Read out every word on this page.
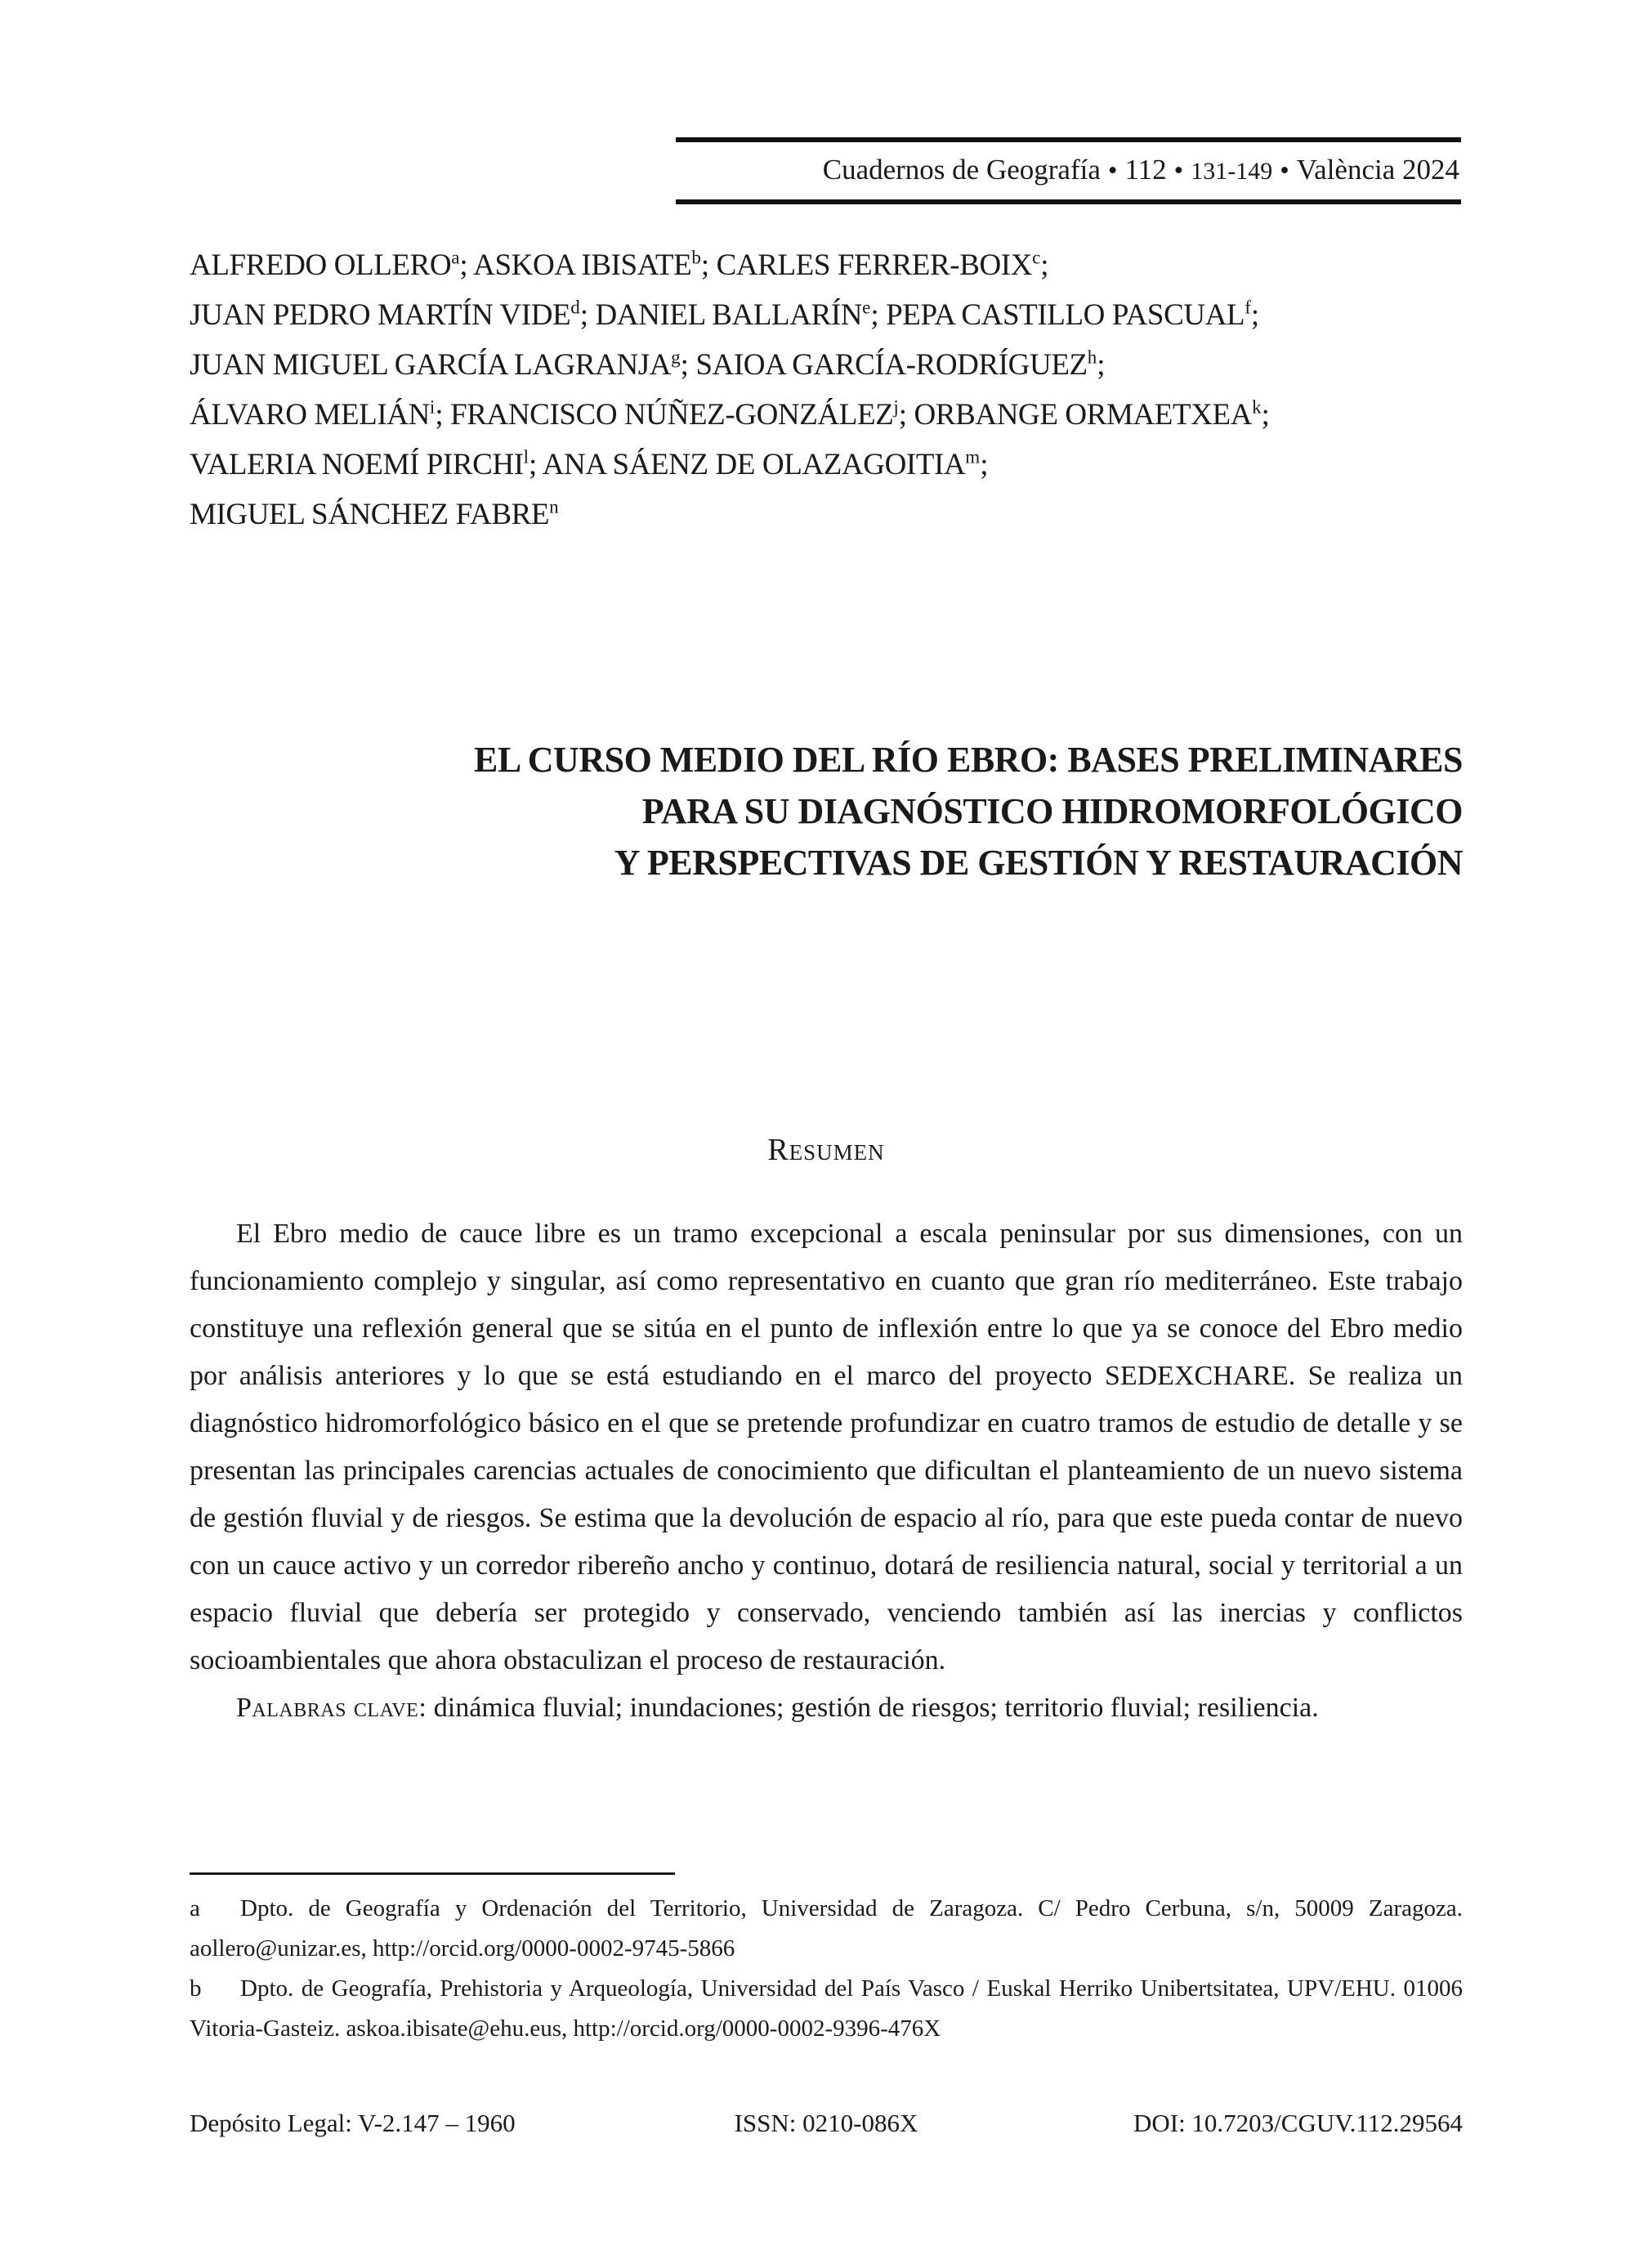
Cuadernos de Geografía • 112 • 131-149 • València 2024
ALFREDO OLLERO$^a$; ASKOA IBISATE$^b$; CARLES FERRER-BOIX$^c$;
JUAN PEDRO MARTÍN VIDE$^d$; DANIEL BALLARÍN$^e$; PEPA CASTILLO PASCUAL$^f$;
JUAN MIGUEL GARCÍA LAGRANJA$^g$; SAIOA GARCÍA-RODRÍGUEZ$^h$;
ÁLVARO MELIÁN$^i$; FRANCISCO NÚÑEZ-GONZÁLEZ$^j$; ORBANGE ORMAETXEA$^k$;
VALERIA NOEMÍ PIRCHI$^l$; ANA SÁENZ DE OLAZAGOITIA$^m$;
MIGUEL SÁNCHEZ FABRE$^n$
EL CURSO MEDIO DEL RÍO EBRO: BASES PRELIMINARES
PARA SU DIAGNÓSTICO HIDROMORFOLÓGICO
Y PERSPECTIVAS DE GESTIÓN Y RESTAURACIÓN
Resumen

El Ebro medio de cauce libre es un tramo excepcional a escala peninsular por sus dimensiones, con un funcionamiento complejo y singular, así como representativo en cuanto que gran río mediterráneo. Este trabajo constituye una reflexión general que se sitúa en el punto de inflexión entre lo que ya se conoce del Ebro medio por análisis anteriores y lo que se está estudiando en el marco del proyecto SEDEXCHARE. Se realiza un diagnóstico hidromorfológico básico en el que se pretende profundizar en cuatro tramos de estudio de detalle y se presentan las principales carencias actuales de conocimiento que dificultan el planteamiento de un nuevo sistema de gestión fluvial y de riesgos. Se estima que la devolución de espacio al río, para que este pueda contar de nuevo con un cauce activo y un corredor ribereño ancho y continuo, dotará de resiliencia natural, social y territorial a un espacio fluvial que debería ser protegido y conservado, venciendo también así las inercias y conflictos socioambientales que ahora obstaculizan el proceso de restauración.

Palabras clave: dinámica fluvial; inundaciones; gestión de riesgos; territorio fluvial; resiliencia.

a Dpto. de Geografía y Ordenación del Territorio, Universidad de Zaragoza. C/ Pedro Cerbuna, s/n, 50009 Zaragoza. aollero@unizar.es, http://orcid.org/0000-0002-9745-5866

b Dpto. de Geografía, Prehistoria y Arqueología, Universidad del País Vasco / Euskal Herriko Unibertsitatea, UPV/EHU. 01006 Vitoria-Gasteiz. askoa.ibisate@ehu.eus, http://orcid.org/0000-0002-9396-476X

Depósito Legal: V-2.147 – 1960	ISSN: 0210-086X	DOI: 10.7203/CGUV.112.29564
